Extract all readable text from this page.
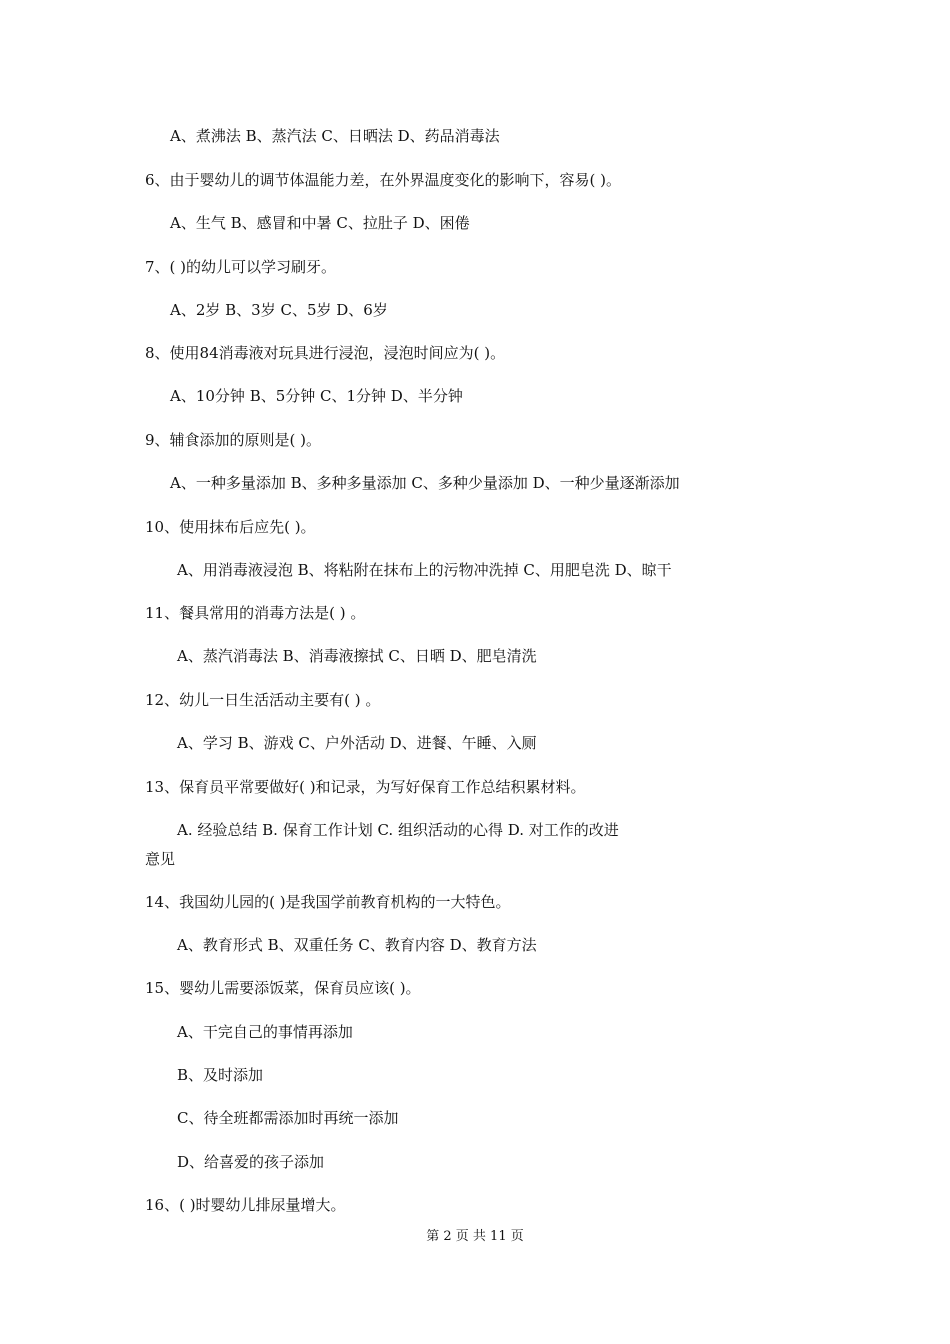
A、煮沸法 B、蒸汽法 C、日晒法 D、药品消毒法
6、由于婴幼儿的调节体温能力差，在外界温度变化的影响下，容易( )。
A、生气 B、感冒和中暑 C、拉肚子 D、困倦
7、( )的幼儿可以学习刷牙。
A、2岁 B、3岁 C、5岁 D、6岁
8、使用84消毒液对玩具进行浸泡，浸泡时间应为( )。
A、10分钟 B、5分钟 C、1分钟 D、半分钟
9、辅食添加的原则是( )。
A、一种多量添加 B、多种多量添加 C、多种少量添加 D、一种少量逐渐添加
10、使用抹布后应先( )。
A、用消毒液浸泡 B、将粘附在抹布上的污物冲洗掉 C、用肥皂洗 D、晾干
11、餐具常用的消毒方法是( ) 。
A、蒸汽消毒法 B、消毒液擦拭 C、日晒 D、肥皂清洗
12、幼儿一日生活活动主要有( ) 。
A、学习 B、游戏 C、户外活动 D、进餐、午睡、入厕
13、保育员平常要做好( )和记录，为写好保育工作总结积累材料。
A. 经验总结 B. 保育工作计划 C. 组织活动的心得 D. 对工作的改进
意见
14、我国幼儿园的( )是我国学前教育机构的一大特色。
A、教育形式 B、双重任务 C、教育内容 D、教育方法
15、婴幼儿需要添饭菜，保育员应该( )。
A、干完自己的事情再添加
B、及时添加
C、待全班都需添加时再统一添加
D、给喜爱的孩子添加
16、( )时婴幼儿排尿量增大。
第 2 页 共 11 页
